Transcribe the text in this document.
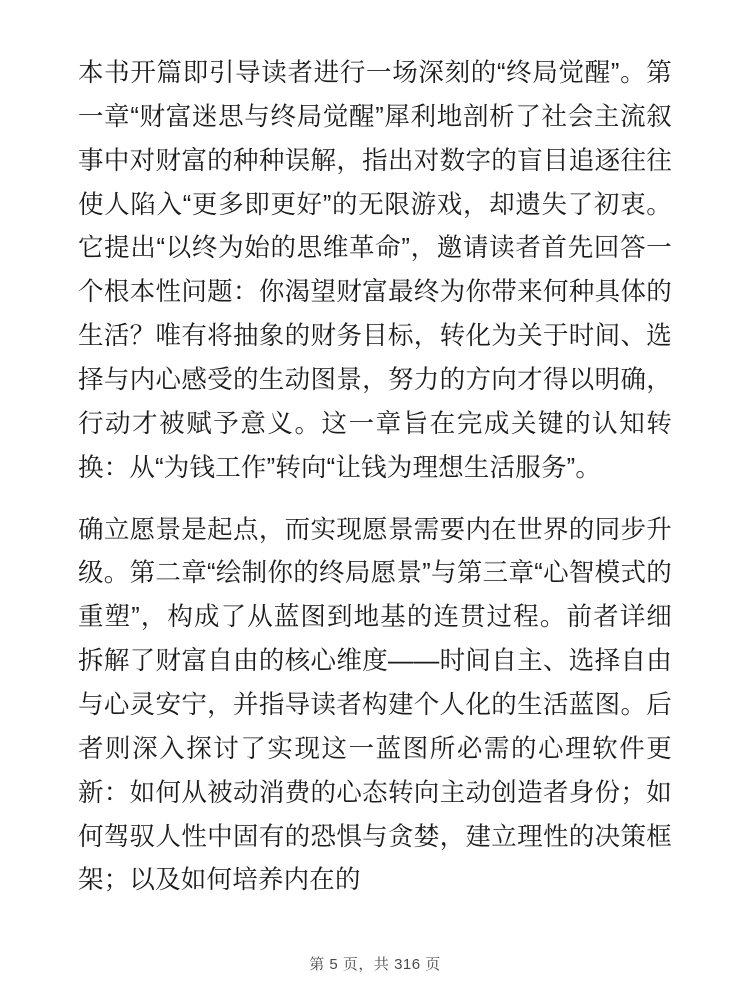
本书开篇即引导读者进行一场深刻的“终局觉醒”。第一章“财富迷思与终局觉醒”犀利地剖析了社会主流叙事中对财富的种种误解，指出对数字的盲目追逐往往使人陷入“更多即更好”的无限游戏，却遗失了初衷。它提出“以终为始的思维革命”，邀请读者首先回答一个根本性问题：你渴望财富最终为你带来何种具体的生活？唯有将抽象的财务目标，转化为关于时间、选择与内心感受的生动图景，努力的方向才得以明确，行动才被赋予意义。这一章旨在完成关键的认知转换：从“为钱工作”转向“让钱为理想生活服务”。

确立愿景是起点，而实现愿景需要内在世界的同步升级。第二章“绘制你的终局愿景”与第三章“心智模式的重塑”，构成了从蓝图到地基的连贯过程。前者详细拆解了财富自由的核心维度——时间自主、选择自由与心灵安宁，并指导读者构建个人化的生活蓝图。后者则深入探讨了实现这一蓝图所必需的心理软件更新：如何从被动消费的心态转向主动创造者身份；如何驾驭人性中固有的恐惧与贪婪，建立理性的决策框架；以及如何培养内在的

第 5 页，共 316 页
